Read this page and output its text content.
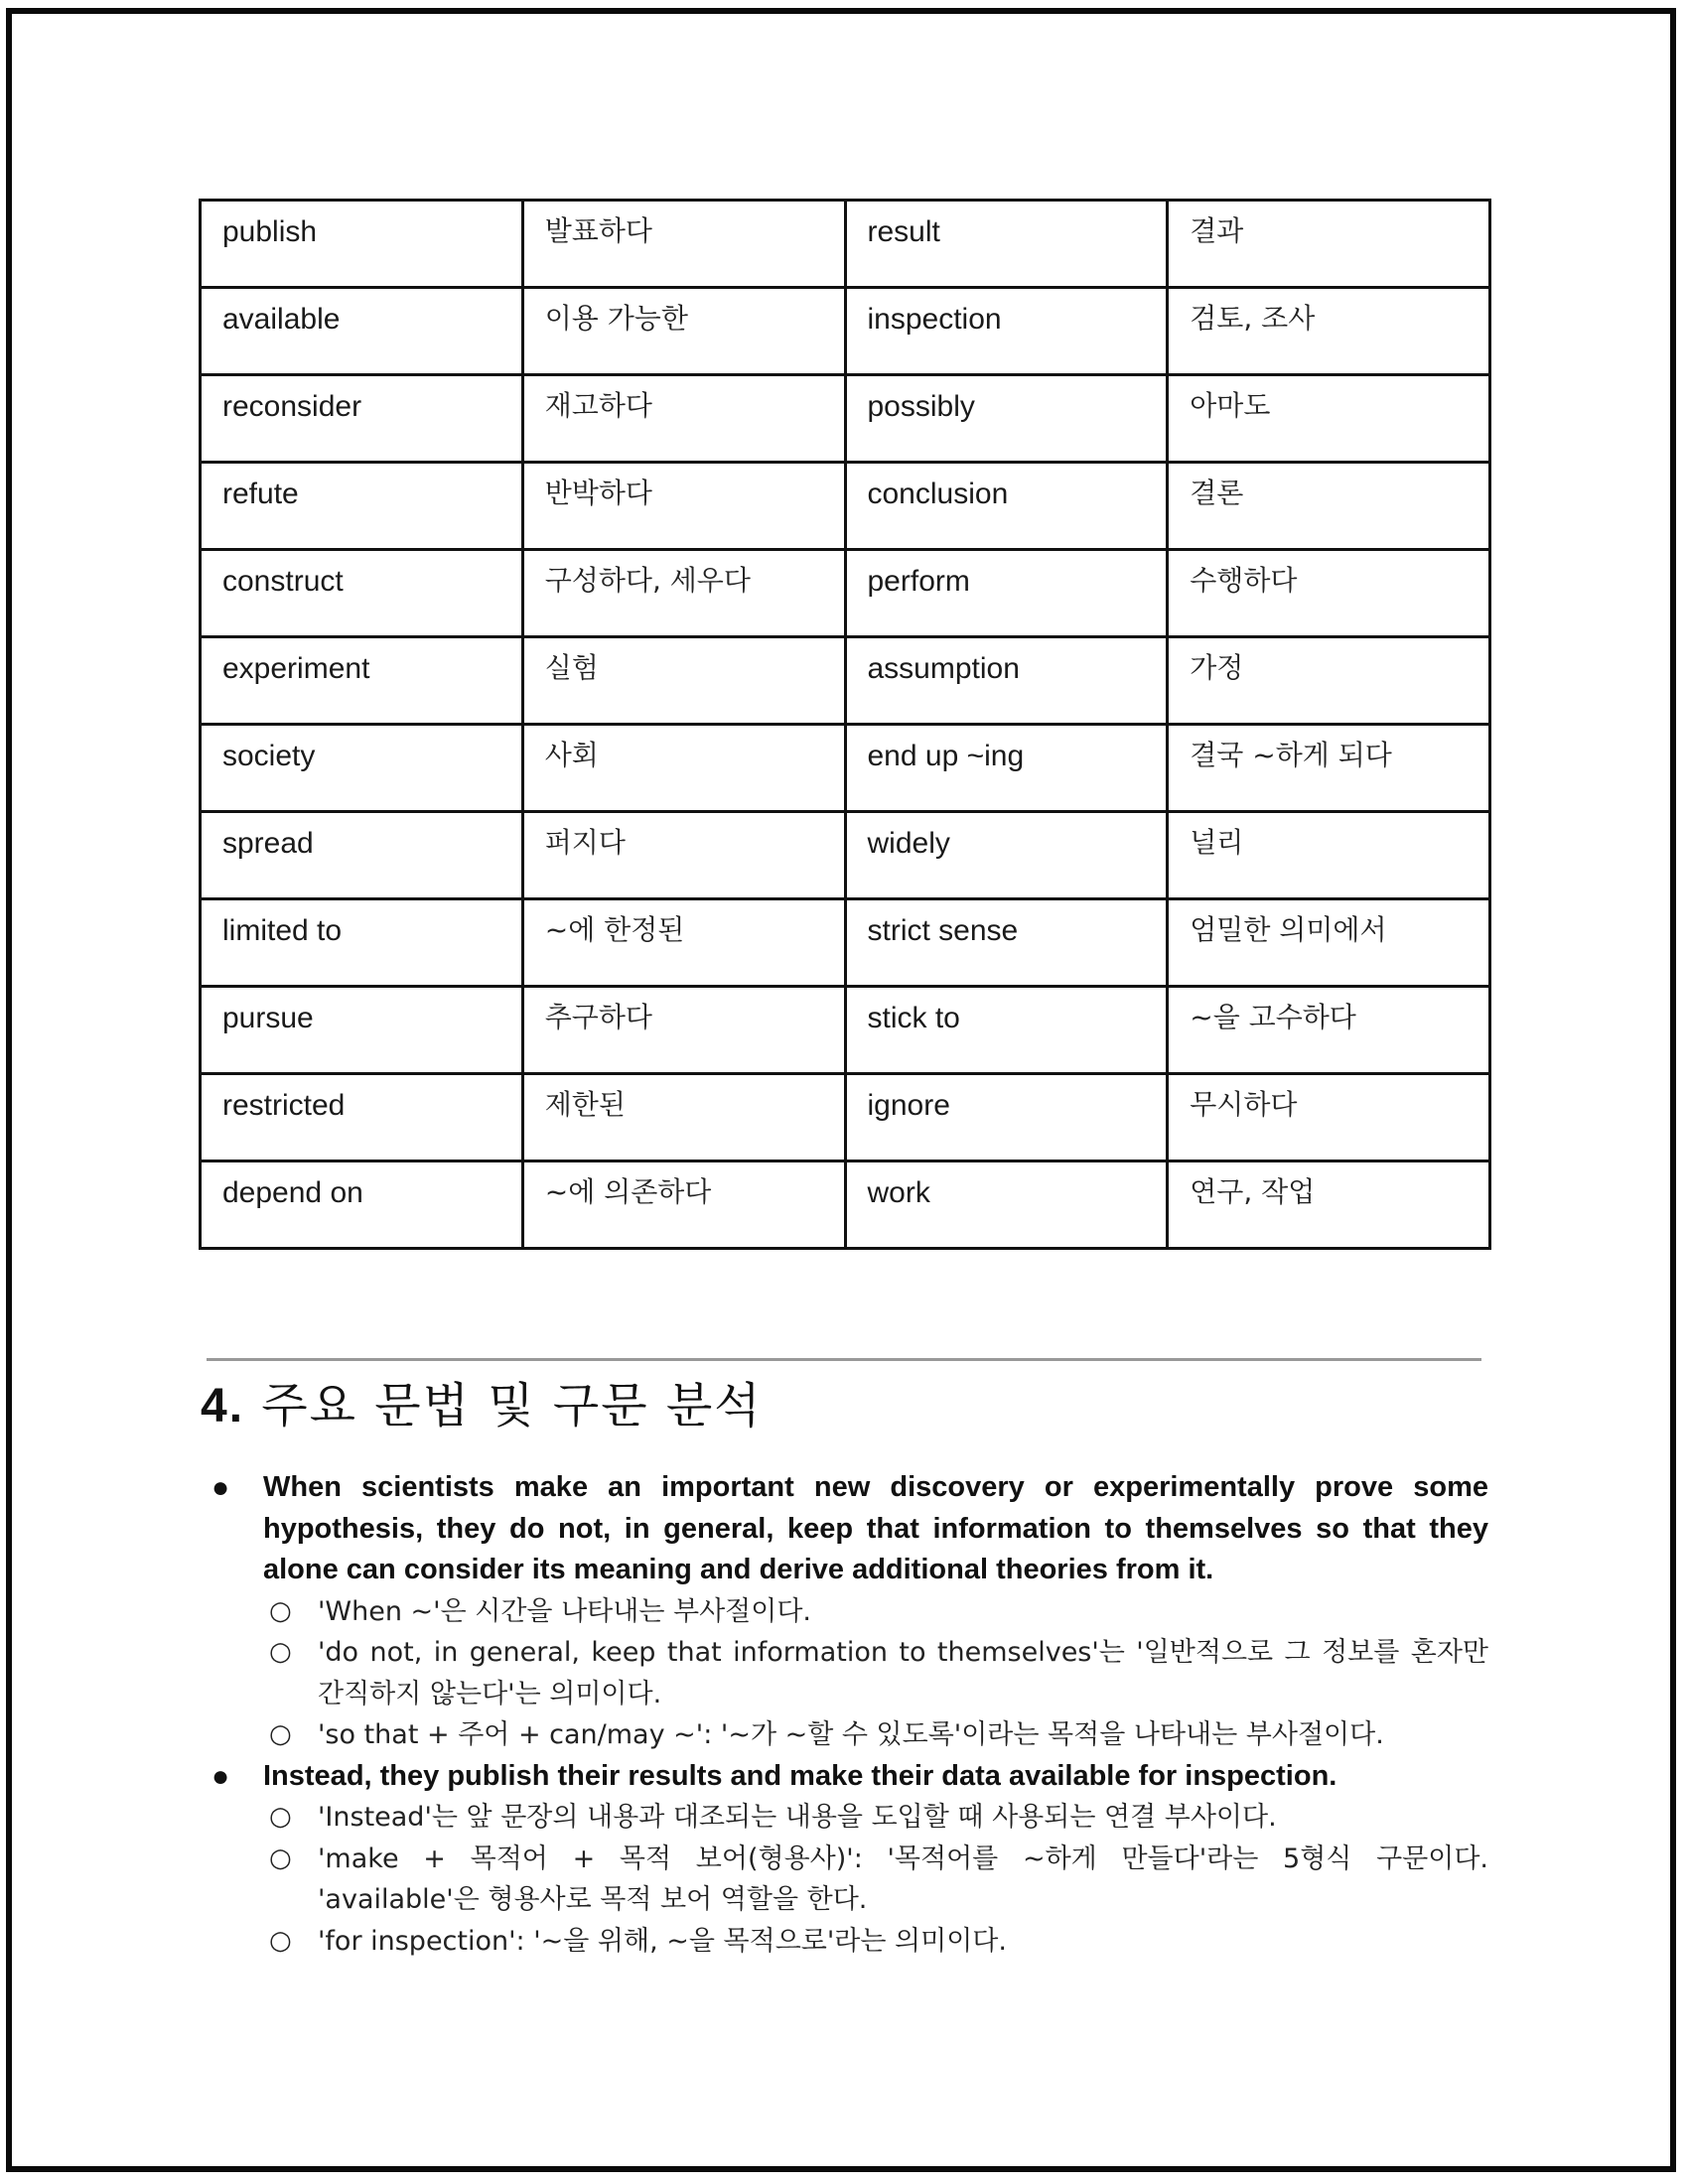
publish	발표하다	result	결과
available	이용 가능한	inspection	검토, 조사
reconsider	재고하다	possibly	아마도
refute	반박하다	conclusion	결론
construct	구성하다, 세우다	perform	수행하다
experiment	실험	assumption	가정
society	사회	end up ~ing	결국 ~하게 되다
spread	퍼지다	widely	널리
limited to	~에 한정된	strict sense	엄밀한 의미에서
pursue	추구하다	stick to	~을 고수하다
restricted	제한된	ignore	무시하다
depend on	~에 의존하다	work	연구, 작업
4. 주요 문법 및 구문 분석
● When scientists make an important new discovery or experimentally prove some hypothesis, they do not, in general, keep that information to themselves so that they alone can consider its meaning and derive additional theories from it.
○ 'When ~'은 시간을 나타내는 부사절이다.
○ 'do not, in general, keep that information to themselves'는 '일반적으로 그 정보를 혼자만 간직하지 않는다'는 의미이다.
○ 'so that + 주어 + can/may ~': '~가 ~할 수 있도록'이라는 목적을 나타내는 부사절이다.
● Instead, they publish their results and make their data available for inspection.
○ 'Instead'는 앞 문장의 내용과 대조되는 내용을 도입할 때 사용되는 연결 부사이다.
○ 'make + 목적어 + 목적 보어(형용사)': '목적어를 ~하게 만들다'라는 5형식 구문이다. 'available'은 형용사로 목적 보어 역할을 한다.
○ 'for inspection': '~을 위해, ~을 목적으로'라는 의미이다.
